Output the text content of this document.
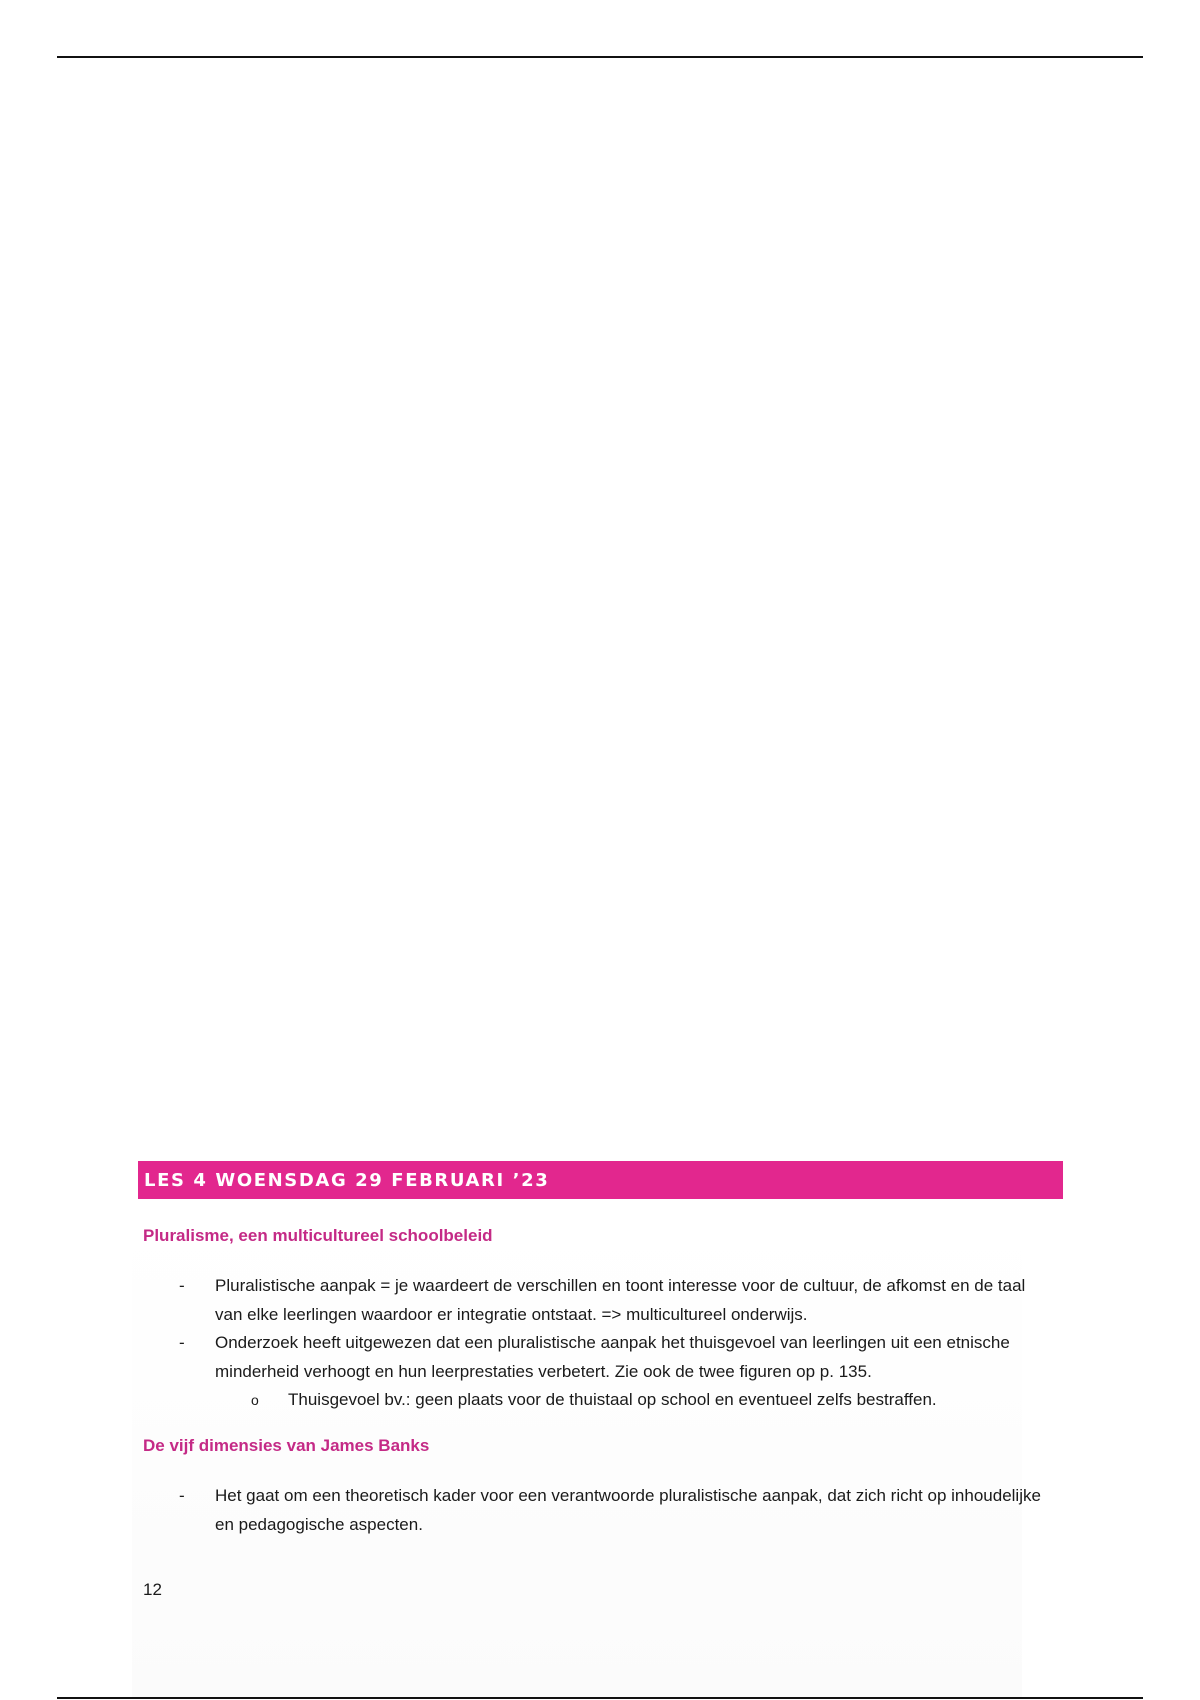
LES 4 WOENSDAG 29 FEBRUARI ’23
Pluralisme, een multicultureel schoolbeleid
- Pluralistische aanpak = je waardeert de verschillen en toont interesse voor de cultuur, de afkomst en de taal van elke leerlingen waardoor er integratie ontstaat. => multicultureel onderwijs.
- Onderzoek heeft uitgewezen dat een pluralistische aanpak het thuisgevoel van leerlingen uit een etnische minderheid verhoogt en hun leerprestaties verbetert. Zie ook de twee figuren op p. 135.
o Thuisgevoel bv.: geen plaats voor de thuistaal op school en eventueel zelfs bestraffen.
De vijf dimensies van James Banks
- Het gaat om een theoretisch kader voor een verantwoorde pluralistische aanpak, dat zich richt op inhoudelijke en pedagogische aspecten.
12
